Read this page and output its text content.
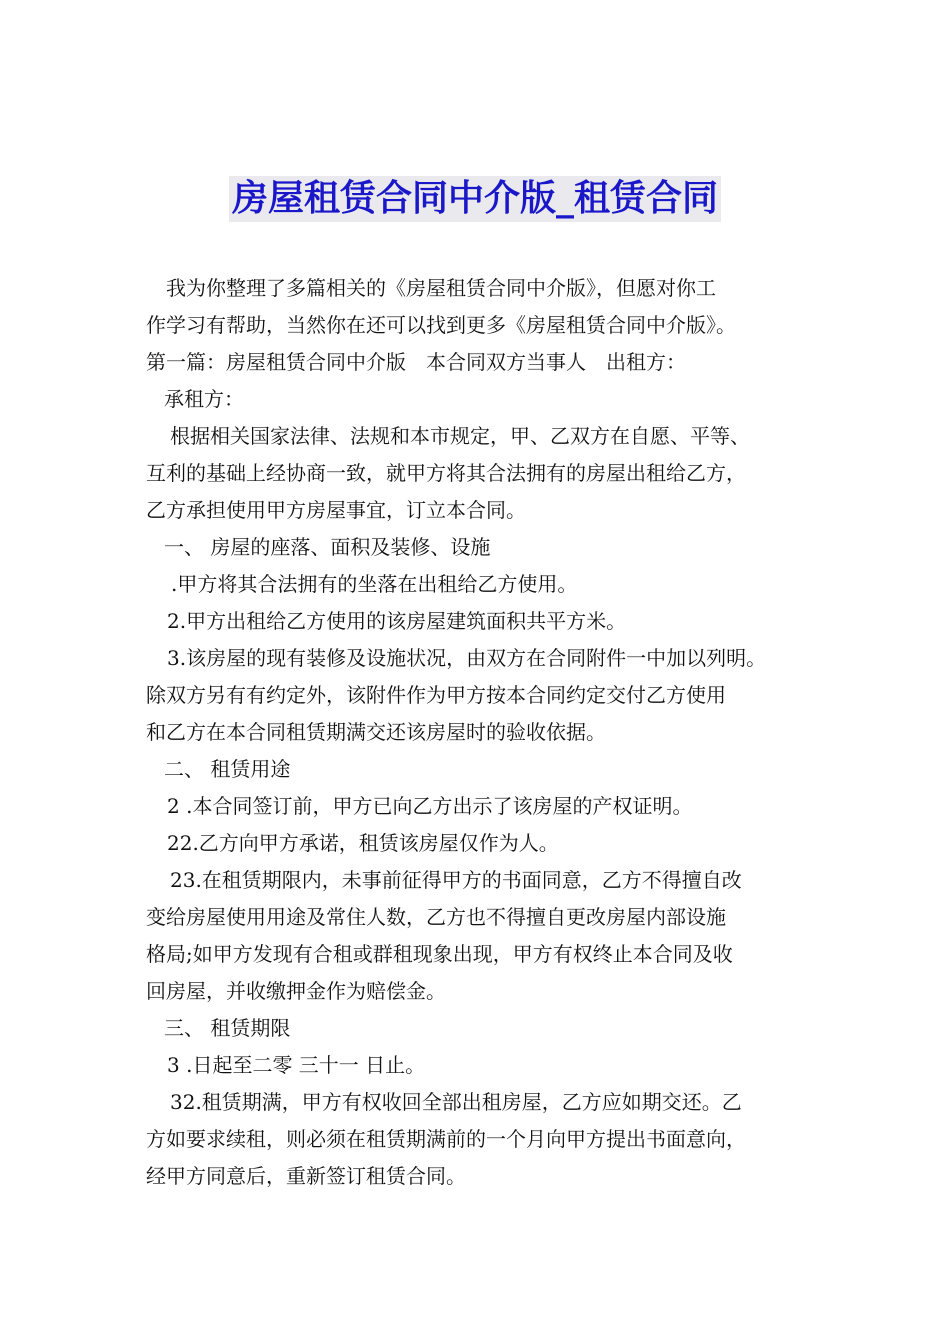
房屋租赁合同中介版_租赁合同
我为你整理了多篇相关的《房屋租赁合同中介版》，但愿对你工
作学习有帮助，当然你在还可以找到更多《房屋租赁合同中介版》。
第一篇：房屋租赁合同中介版　本合同双方当事人　出租方：
承租方：
根据相关国家法律、法规和本市规定，甲、乙双方在自愿、平等、
互利的基础上经协商一致，就甲方将其合法拥有的房屋出租给乙方，
乙方承担使用甲方房屋事宜，订立本合同。
一、 房屋的座落、面积及装修、设施
.甲方将其合法拥有的坐落在出租给乙方使用。
2.甲方出租给乙方使用的该房屋建筑面积共平方米。
3.该房屋的现有装修及设施状况，由双方在合同附件一中加以列明。
除双方另有有约定外，该附件作为甲方按本合同约定交付乙方使用
和乙方在本合同租赁期满交还该房屋时的验收依据。
二、 租赁用途
2 .本合同签订前，甲方已向乙方出示了该房屋的产权证明。
22.乙方向甲方承诺，租赁该房屋仅作为人。
23.在租赁期限内，未事前征得甲方的书面同意，乙方不得擅自改
变给房屋使用用途及常住人数，乙方也不得擅自更改房屋内部设施
格局;如甲方发现有合租或群租现象出现，甲方有权终止本合同及收
回房屋，并收缴押金作为赔偿金。
三、 租赁期限
3 .日起至二零 三十一 日止。
32.租赁期满，甲方有权收回全部出租房屋，乙方应如期交还。乙
方如要求续租，则必须在租赁期满前的一个月向甲方提出书面意向，
经甲方同意后，重新签订租赁合同。
